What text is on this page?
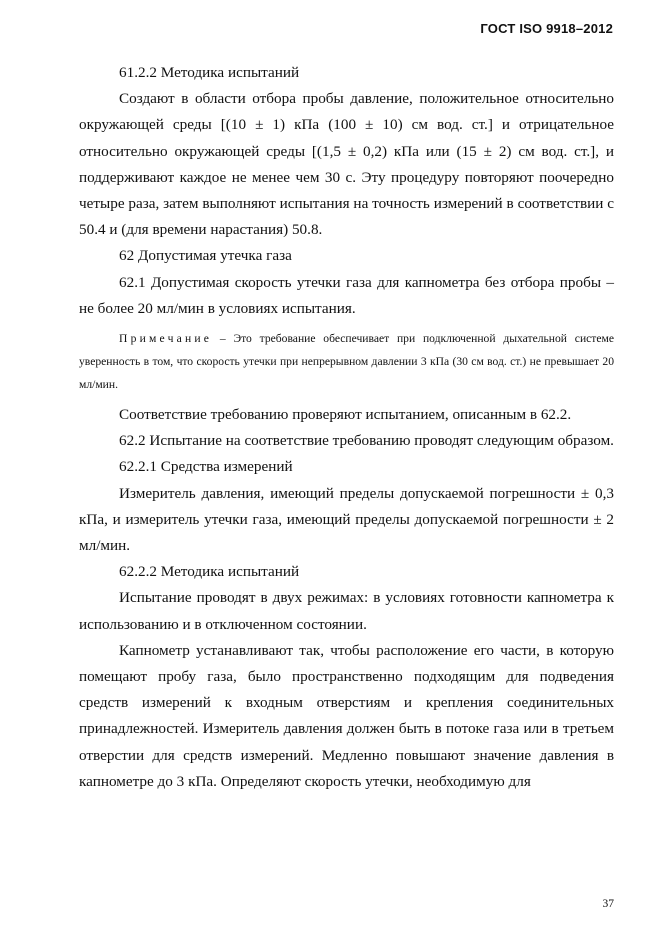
ГОСТ ISO 9918–2012

61.2.2 Методика испытаний

Создают в области отбора пробы давление, положительное относительно окружающей среды [(10 ± 1) кПа (100 ± 10) см вод. ст.] и отрицательное относительно окружающей среды [(1,5 ± 0,2) кПа или (15 ± 2) см вод. ст.], и поддерживают каждое не менее чем 30 с. Эту процедуру повторяют поочередно четыре раза, затем выполняют испытания на точность измерений в соответствии с 50.4 и (для времени нарастания) 50.8.

62 Допустимая утечка газа

62.1 Допустимая скорость утечки газа для капнометра без отбора пробы – не более 20 мл/мин в условиях испытания.

Примечание – Это требование обеспечивает при подключенной дыхательной системе уверенность в том, что скорость утечки при непрерывном давлении 3 кПа (30 см вод. ст.) не превышает 20 мл/мин.

Соответствие требованию проверяют испытанием, описанным в 62.2.

62.2 Испытание на соответствие требованию проводят следующим образом.

62.2.1 Средства измерений

Измеритель давления, имеющий пределы допускаемой погрешности ± 0,3 кПа, и измеритель утечки газа, имеющий пределы допускаемой погрешности ± 2 мл/мин.

62.2.2 Методика испытаний

Испытание проводят в двух режимах: в условиях готовности капнометра к использованию и в отключенном состоянии.

Капнометр устанавливают так, чтобы расположение его части, в которую помещают пробу газа, было пространственно подходящим для подведения средств измерений к входным отверстиям и крепления соединительных принадлежностей. Измеритель давления должен быть в потоке газа или в третьем отверстии для средств измерений. Медленно повышают значение давления в капнометре до 3 кПа. Определяют скорость утечки, необходимую для

37
